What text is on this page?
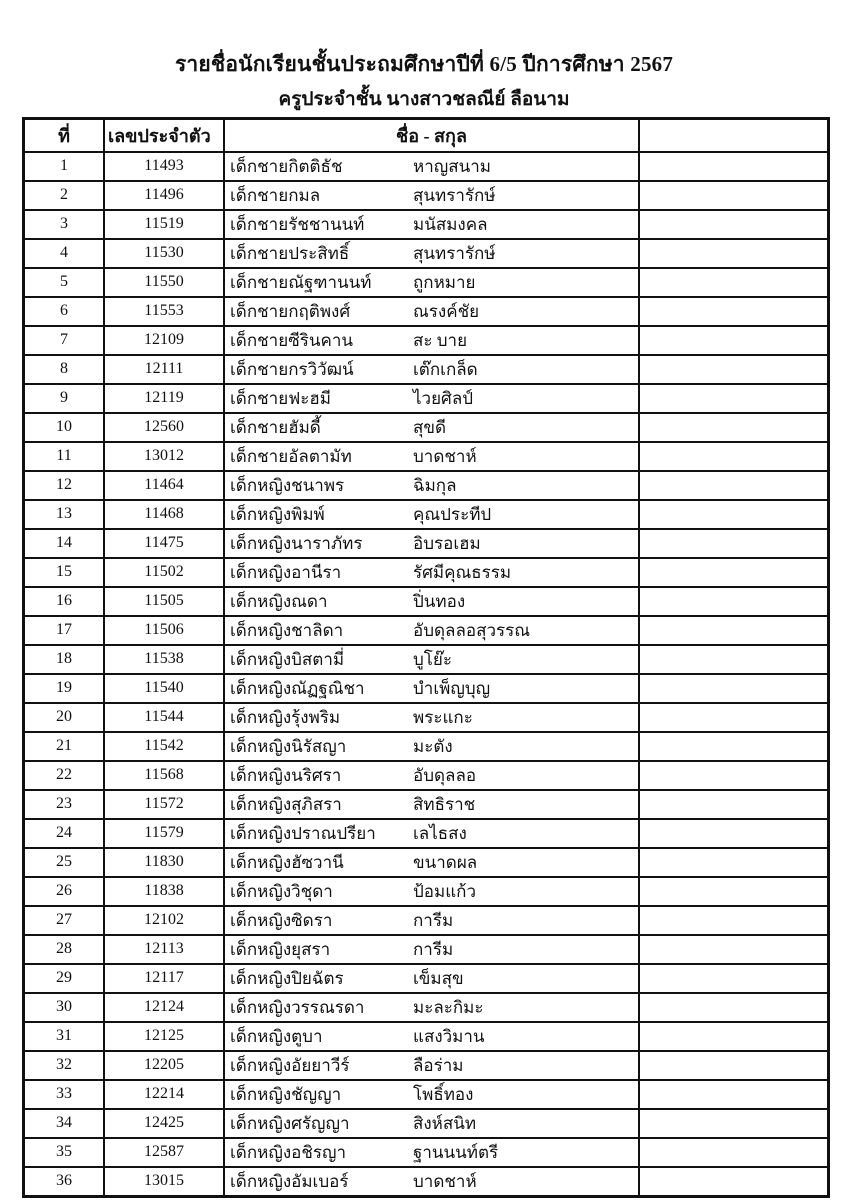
รายชื่อนักเรียนชั้นประถมศึกษาปีที่ 6/5 ปีการศึกษา 2567
ครูประจำชั้น นางสาวชลณีย์ ลือนาม
ที่	เลขประจำตัว	ชื่อ - สกุล	
1	11493	เด็กชายกิตติธัช หาญสนาม	
2	11496	เด็กชายกมล สุนทรารักษ์	
3	11519	เด็กชายรัชชานนท์ มนัสมงคล	
4	11530	เด็กชายประสิทธิ์ สุนทรารักษ์	
5	11550	เด็กชายณัฐฑานนท์ ถูกหมาย	
6	11553	เด็กชายกฤติพงศ์ ณรงค์ชัย	
7	12109	เด็กชายซีรินคาน สะ บาย	
8	12111	เด็กชายกรวิวัฒน์ เต๊กเกล็ด	
9	12119	เด็กชายฟะฮมี ไวยศิลป์	
10	12560	เด็กชายฮัมดี้ สุขดี	
11	13012	เด็กชายอัลตามัท บาดชาห์	
12	11464	เด็กหญิงชนาพร ฉิมกุล	
13	11468	เด็กหญิงพิมพ์ คุณประทีป	
14	11475	เด็กหญิงนาราภัทร อิบรอเฮม	
15	11502	เด็กหญิงอานีรา รัศมีคุณธรรม	
16	11505	เด็กหญิงณดา ปิ่นทอง	
17	11506	เด็กหญิงชาลิดา อับดุลลอสุวรรณ	
18	11538	เด็กหญิงบิสตามี่ บูโย๊ะ	
19	11540	เด็กหญิงณัฏฐณิชา บำเพ็ญบุญ	
20	11544	เด็กหญิงรุ้งพริม พระแกะ	
21	11542	เด็กหญิงนิรัสญา มะตัง	
22	11568	เด็กหญิงนริศรา อับดุลลอ	
23	11572	เด็กหญิงสุภิสรา สิทธิราช	
24	11579	เด็กหญิงปราณปรียา เลไธสง	
25	11830	เด็กหญิงฮัซวานี ขนาดผล	
26	11838	เด็กหญิงวิชุดา ป้อมแก้ว	
27	12102	เด็กหญิงซิดรา การีม	
28	12113	เด็กหญิงยุสรา การีม	
29	12117	เด็กหญิงปิยฉัตร เข็มสุข	
30	12124	เด็กหญิงวรรณรดา มะละกิมะ	
31	12125	เด็กหญิงตูบา แสงวิมาน	
32	12205	เด็กหญิงอัยยาวีร์ ลือร่าม	
33	12214	เด็กหญิงชัญญา โพธิ์ทอง	
34	12425	เด็กหญิงศรัญญา สิงห์สนิท	
35	12587	เด็กหญิงอชิรญา ฐานนนท์ตรี	
36	13015	เด็กหญิงอัมเบอร์ บาดชาห์	
